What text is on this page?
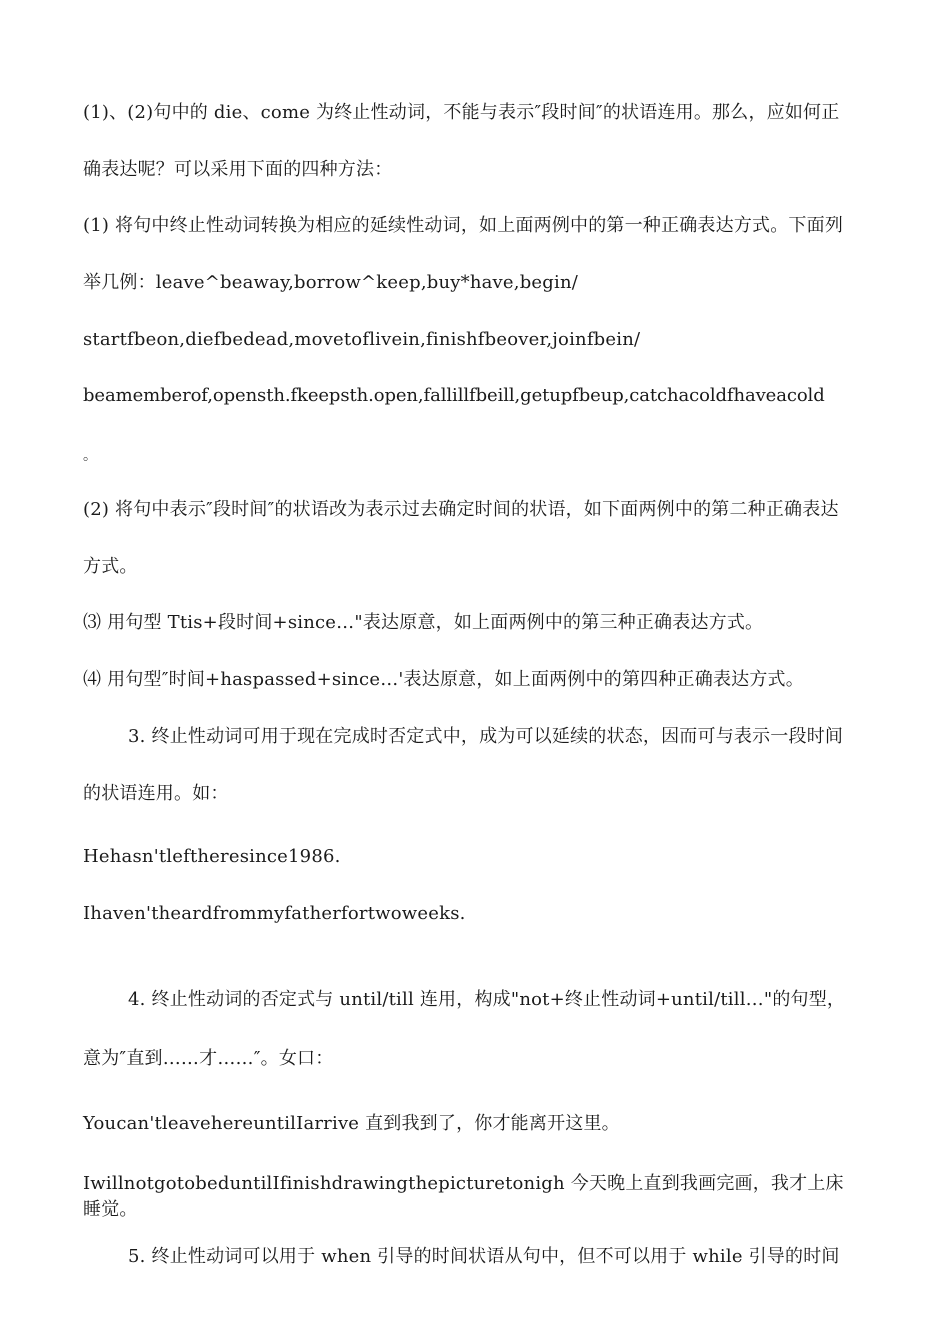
(1)、(2)句中的 die、come 为终止性动词，不能与表示″段时间″的状语连用。那么，应如何正
确表达呢？可以采用下面的四种方法：
(1) 将句中终止性动词转换为相应的延续性动词，如上面两例中的第一种正确表达方式。下面列
举几例：leave^beaway,borrow^keep,buy*have,begin/
startfbeon,diefbedead,movetoflivein,finishfbeover,joinfbein/
beamemberof,opensth.fkeepsth.open,fallillfbeill,getupfbeup,catchacoldfhaveacold
。
(2) 将句中表示″段时间″的状语改为表示过去确定时间的状语，如下面两例中的第二种正确表达
方式。
⑶ 用句型 Ttis+段时间+since…"表达原意，如上面两例中的第三种正确表达方式。
⑷ 用句型″时间+haspassed+since…'表达原意，如上面两例中的第四种正确表达方式。
3. 终止性动词可用于现在完成时否定式中，成为可以延续的状态，因而可与表示一段时间
的状语连用。如：
Hehasn'tleftheresince1986.
Ihaven'theardfrommyfatherfortwoweeks.
4. 终止性动词的否定式与 until/till 连用，构成"not+终止性动词+until/till…"的句型，
意为″直到……才……″。女口：
Youcan'tleavehereuntilIarrive 直到我到了，你才能离开这里。
IwillnotgotobeduntilIfinishdrawingthepicturetonigh 今天晚上直到我画完画，我才上床
睡觉。
5. 终止性动词可以用于 when 引导的时间状语从句中，但不可以用于 while 引导的时间
